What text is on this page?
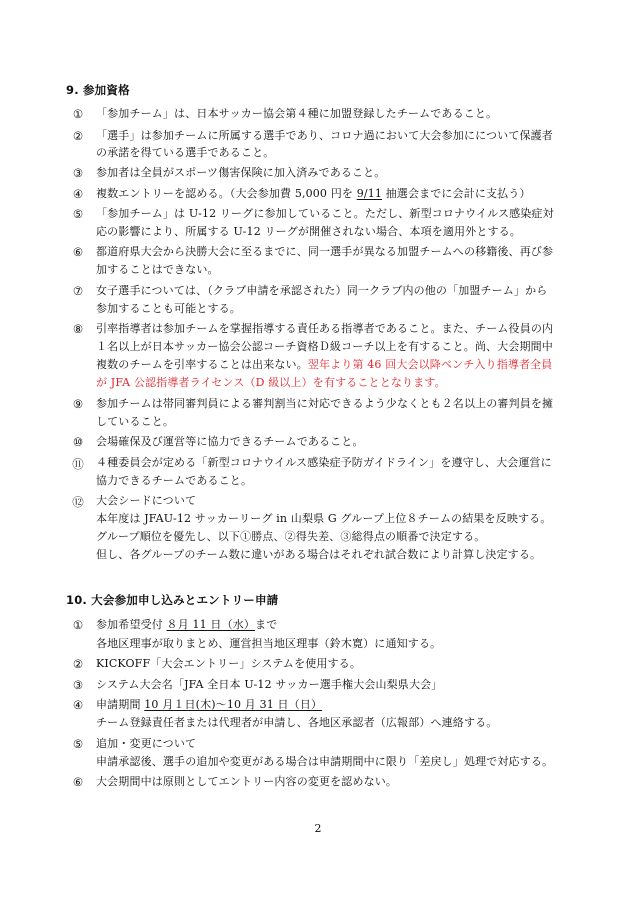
9. 参加資格
①	「参加チーム」は、日本サッカー協会第４種に加盟登録したチームであること。
②	「選手」は参加チームに所属する選手であり、コロナ過において大会参加にについて保護者
の承諾を得ている選手であること。
③	参加者は全員がスポーツ傷害保険に加入済みであること。
④	複数エントリーを認める。（大会参加費 5,000 円を 9/11 抽選会までに会計に支払う）
⑤	「参加チーム」は U-12 リーグに参加していること。ただし、新型コロナウイルス感染症対
応の影響により、所属する U-12 リーグが開催されない場合、本項を適用外とする。
⑥	都道府県大会から決勝大会に至るまでに、同一選手が異なる加盟チームへの移籍後、再び参
加することはできない。
⑦	女子選手については、（クラブ申請を承認された）同一クラブ内の他の「加盟チーム」から
参加することも可能とする。
⑧	引率指導者は参加チームを掌握指導する責任ある指導者であること。また、チーム役員の内
１名以上が日本サッカー協会公認コーチ資格Ｄ級コーチ以上を有すること。尚、大会期間中
複数のチームを引率することは出来ない。翌年より第 46 回大会以降ベンチ入り指導者全員
が JFA 公認指導者ライセンス（D 級以上）を有することとなります。
⑨	参加チームは帯同審判員による審判割当に対応できるよう少なくとも２名以上の審判員を擁
していること。
⑩	会場確保及び運営等に協力できるチームであること。
⑪ ４種委員会が定める「新型コロナウイルス感染症予防ガイドライン」を遵守し、大会運営に
協力できるチームであること。
⑫ 大会シードについて
本年度は JFAU-12 サッカーリーグ in 山梨県 G グループ上位８チームの結果を反映する。
グループ順位を優先し、以下①勝点、②得失差、③総得点の順番で決定する。
但し、各グループのチーム数に違いがある場合はそれぞれ試合数により計算し決定する。
10. 大会参加申し込みとエントリー申請
①	参加希望受付 ８月 11 日（水）まで
各地区理事が取りまとめ、運営担当地区理事（鈴木寛）に通知する。
②	KICKOFF「大会エントリー」システムを使用する。
③	システム大会名「JFA 全日本 U-12 サッカー選手権大会山梨県大会」
④	申請期間 10 月１日(木)〜10 月 31 日（日）
チーム登録責任者または代理者が申請し、各地区承認者（広報部）へ連絡する。
⑤	追加・変更について
申請承認後、選手の追加や変更がある場合は申請期間中に限り「差戻し」処理で対応する。
⑥	大会期間中は原則としてエントリー内容の変更を認めない。
2
